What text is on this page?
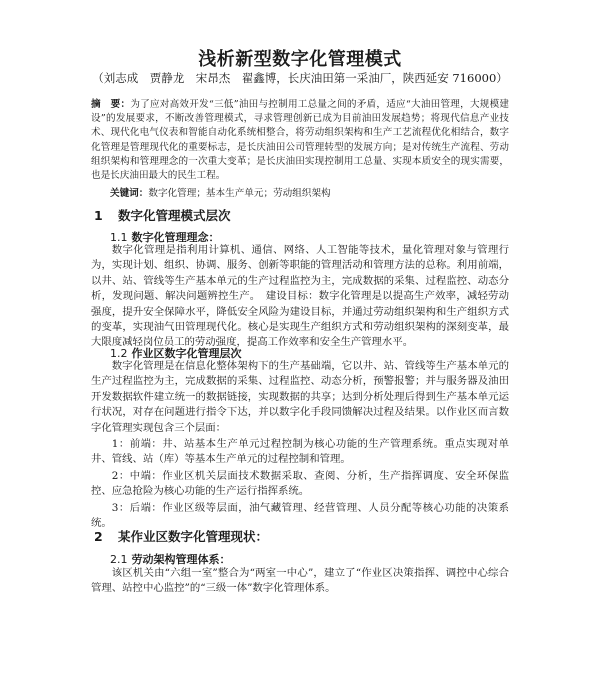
浅析新型数字化管理模式
（刘志成　贾静龙　宋昂杰　翟鑫博，长庆油田第一采油厂，陕西延安 716000）
摘　要：为了应对高效开发“三低”油田与控制用工总量之间的矛盾，适应“大油田管理，大规模建设”的发展要求，不断改善管理模式，寻求管理创新已成为目前油田发展趋势；将现代信息产业技术、现代化电气仪表和智能自动化系统相整合，将劳动组织架构和生产工艺流程优化相结合，数字化管理是管理现代化的重要标志，是长庆油田公司管理转型的发展方向；是对传统生产流程、劳动组织架构和管理理念的一次重大变革；是长庆油田实现控制用工总量、实现本质安全的现实需要，也是长庆油田最大的民生工程。
关键词：数字化管理；基本生产单元；劳动组织架构
1 数字化管理模式层次
1.1 数字化管理理念：
数字化管理是指利用计算机、通信、网络、人工智能等技术，量化管理对象与管理行为，实现计划、组织、协调、服务、创新等职能的管理活动和管理方法的总称。利用前端，以井、站、管线等生产基本单元的生产过程监控为主，完成数据的采集、过程监控、动态分析，发现问题、解决问题辨控生产。　建设目标：数字化管理是以提高生产效率，减轻劳动强度，提升安全保障水平，降低安全风险为建设目标，并通过劳动组织架构和生产组织方式的变革，实现油气田管理现代化。核心是实现生产组织方式和劳动组织架构的深刻变革，最大限度减轻岗位员工的劳动强度，提高工作效率和安全生产管理水平。
1.2 作业区数字化管理层次
数字化管理是在信息化整体架构下的生产基础端，它以井、站、管线等生产基本单元的生产过程监控为主，完成数据的采集、过程监控、动态分析，预警报警；并与服务器及油田开发数据软件建立统一的数据链接，实现数据的共享；达到分析处理后得到生产基本单元运行状况，对存在问题进行指令下达，并以数字化手段同馈解决过程及结果。以作业区而言数字化管理实现包含三个层面：
1：前端：井、站基本生产单元过程控制为核心功能的生产管理系统。重点实现对单井、管线、站（库）等基本生产单元的过程控制和管理。
2：中端：作业区机关层面技术数据采取、查阅、分析，生产指挥调度、安全环保监控、应急抢险为核心功能的生产运行指挥系统。
3：后端：作业区级等层面，油气藏管理、经营管理、人员分配等核心功能的决策系统。
2 某作业区数字化管理现状：
2.1 劳动架构管理体系：
该区机关由“六组一室”整合为“两室一中心”，建立了“作业区决策指挥、调控中心综合管理、站控中心监控”的“三级一体”数字化管理体系。
